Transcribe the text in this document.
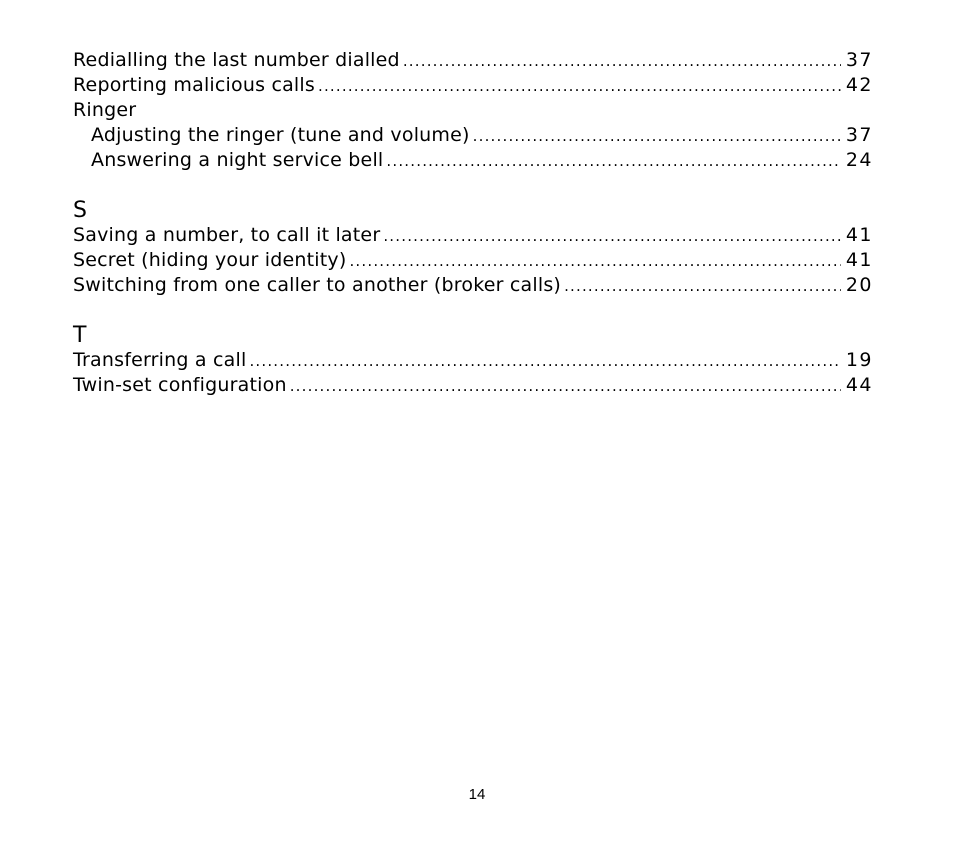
Redialling the last number dialled .....	37
Reporting malicious calls .....	42
Ringer
Adjusting the ringer (tune and volume) .....	37
Answering a night service bell .....	24
S
Saving a number, to call it later .....	41
Secret (hiding your identity) .....	41
Switching from one caller to another (broker calls) .....	20
T
Transferring a call .....	19
Twin-set configuration .....	44
14
